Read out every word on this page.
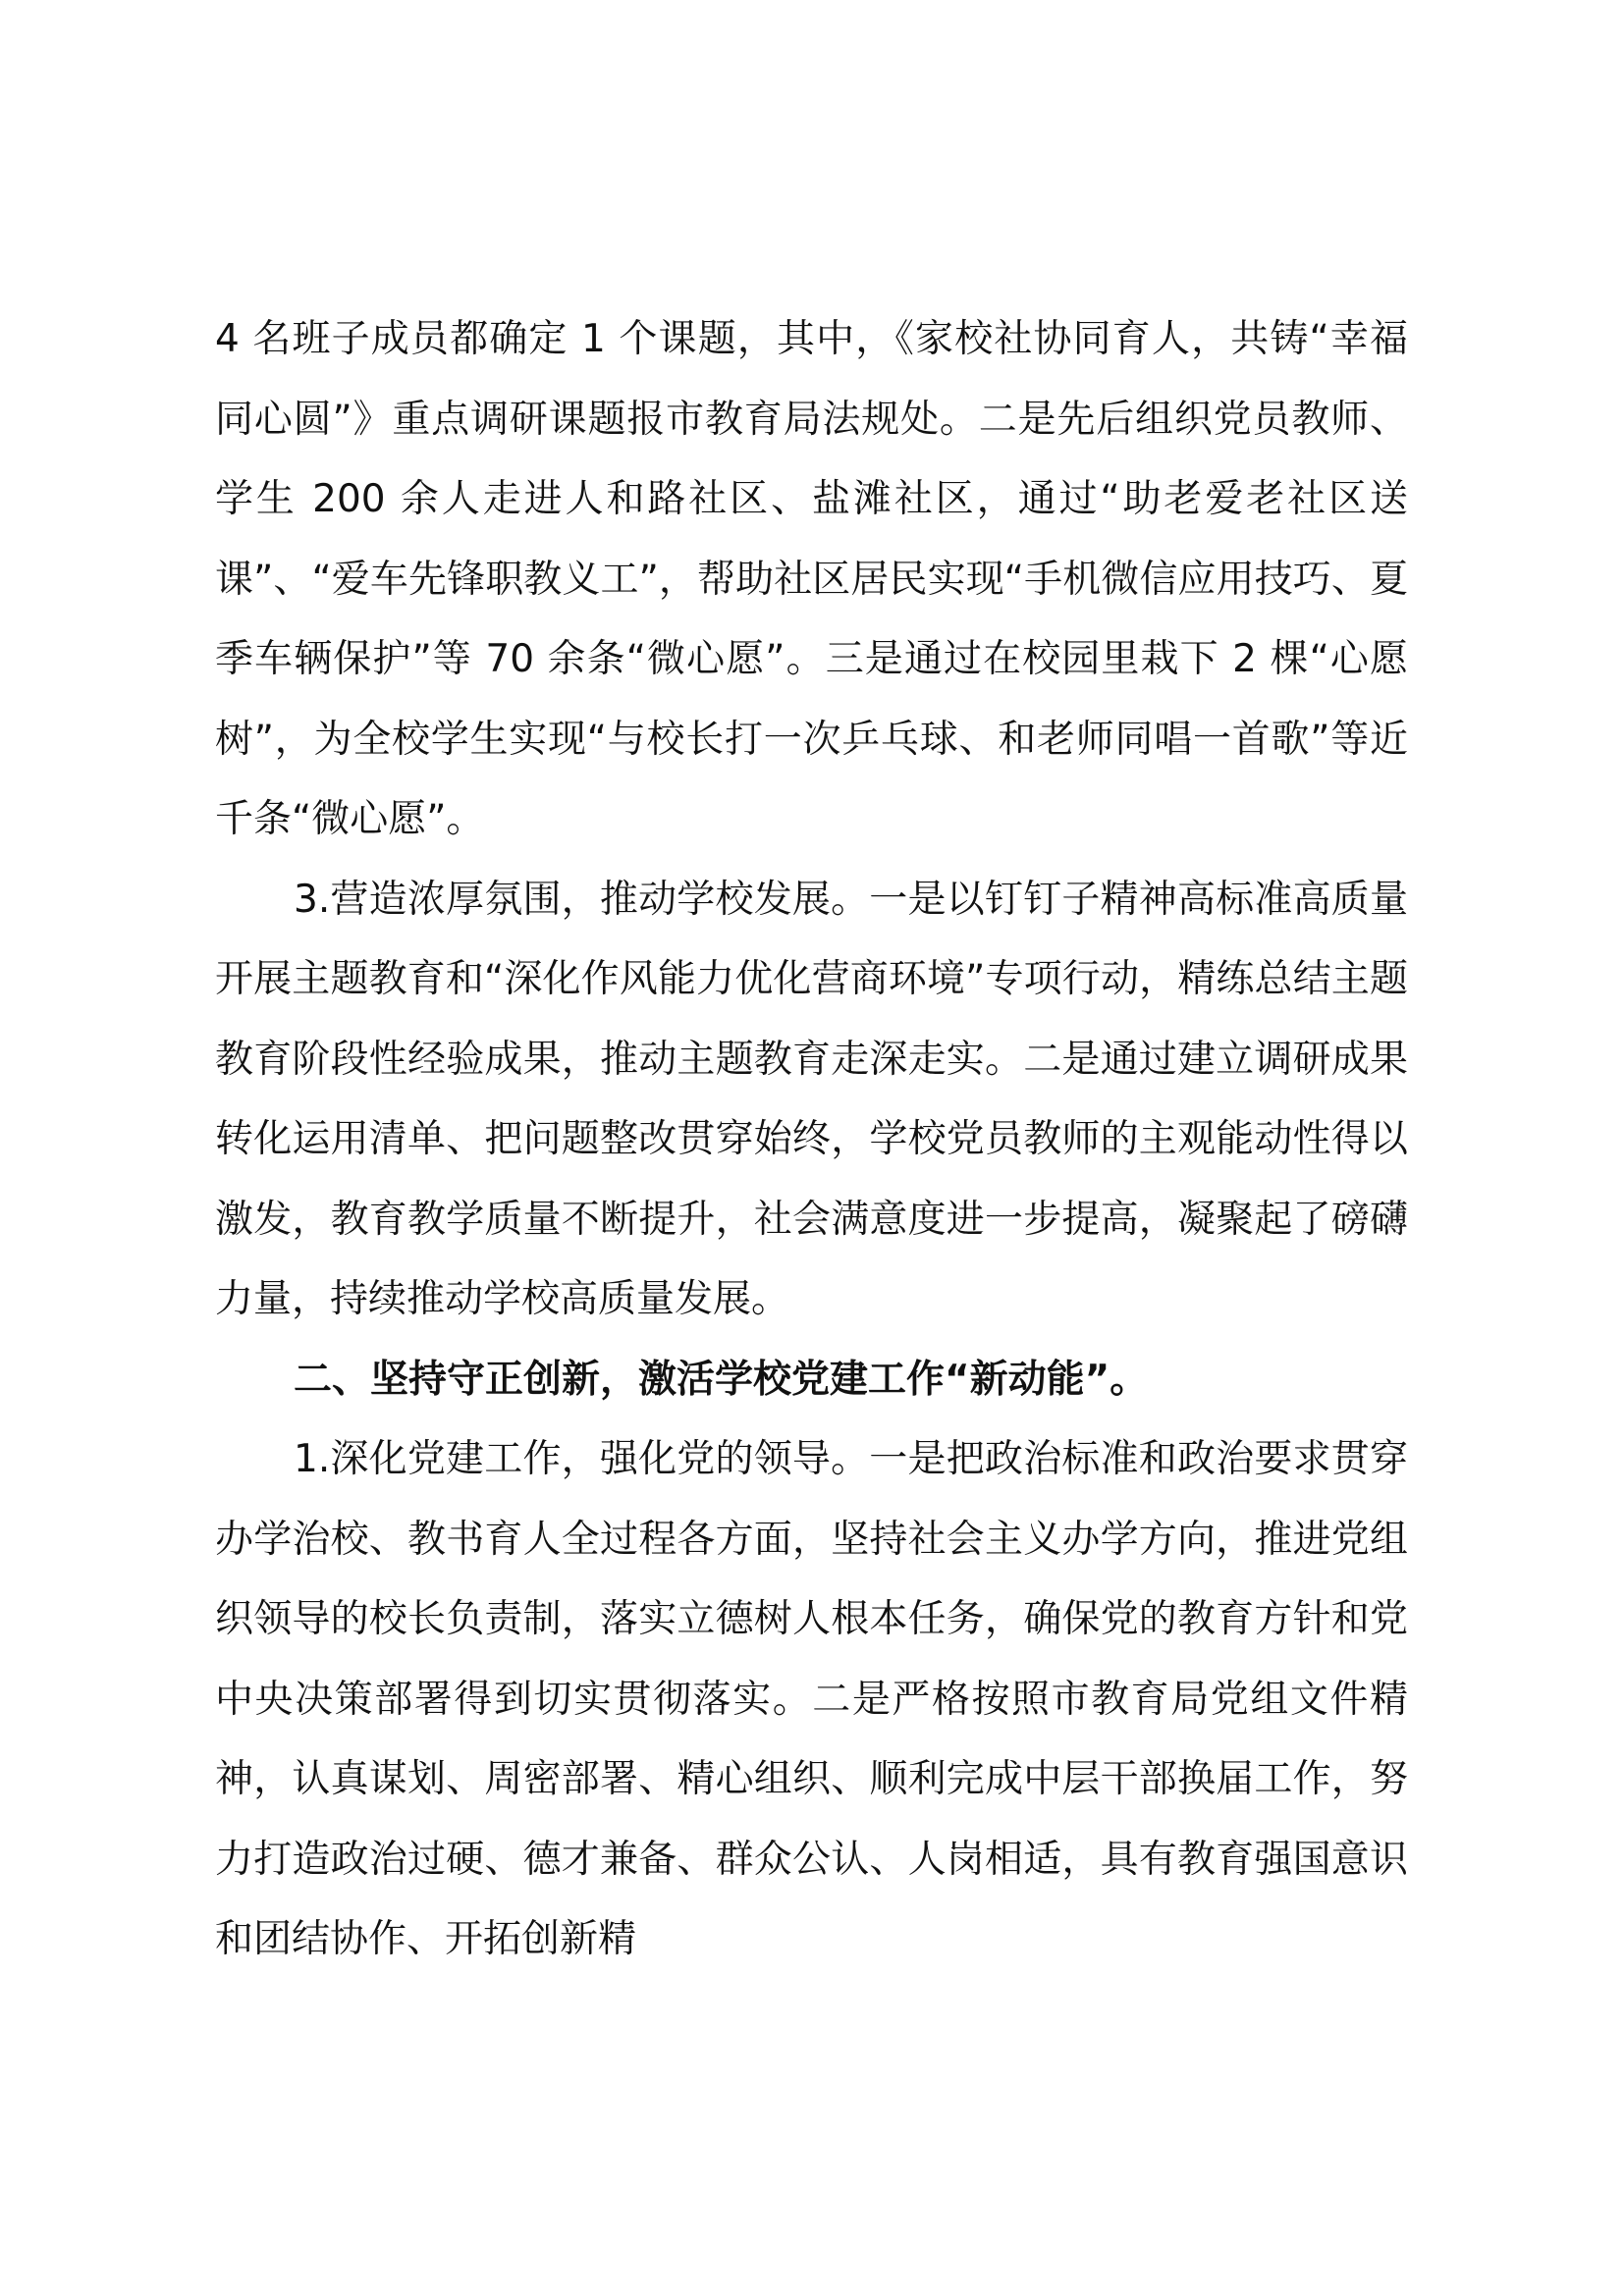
4 名班子成员都确定 1 个课题，其中，《家校社协同育人，共铸“幸福同心圆”》重点调研课题报市教育局法规处。二是先后组织党员教师、学生 200 余人走进人和路社区、盐滩社区，通过“助老爱老社区送课”、“爱车先锋职教义工”，帮助社区居民实现“手机微信应用技巧、夏季车辆保护”等 70 余条“微心愿”。三是通过在校园里栽下 2 棵“心愿树”，为全校学生实现“与校长打一次乒乓球、和老师同唱一首歌”等近千条“微心愿”。

3.营造浓厚氛围，推动学校发展。一是以钉钉子精神高标准高质量开展主题教育和“深化作风能力优化营商环境”专项行动，精练总结主题教育阶段性经验成果，推动主题教育走深走实。二是通过建立调研成果转化运用清单、把问题整改贯穿始终，学校党员教师的主观能动性得以激发，教育教学质量不断提升，社会满意度进一步提高，凝聚起了磅礴力量，持续推动学校高质量发展。

二、坚持守正创新，激活学校党建工作“新动能”。

1.深化党建工作，强化党的领导。一是把政治标准和政治要求贯穿办学治校、教书育人全过程各方面，坚持社会主义办学方向，推进党组织领导的校长负责制，落实立德树人根本任务，确保党的教育方针和党中央决策部署得到切实贯彻落实。二是严格按照市教育局党组文件精神，认真谋划、周密部署、精心组织、顺利完成中层干部换届工作，努力打造政治过硬、德才兼备、群众公认、人岗相适，具有教育强国意识和团结协作、开拓创新精
